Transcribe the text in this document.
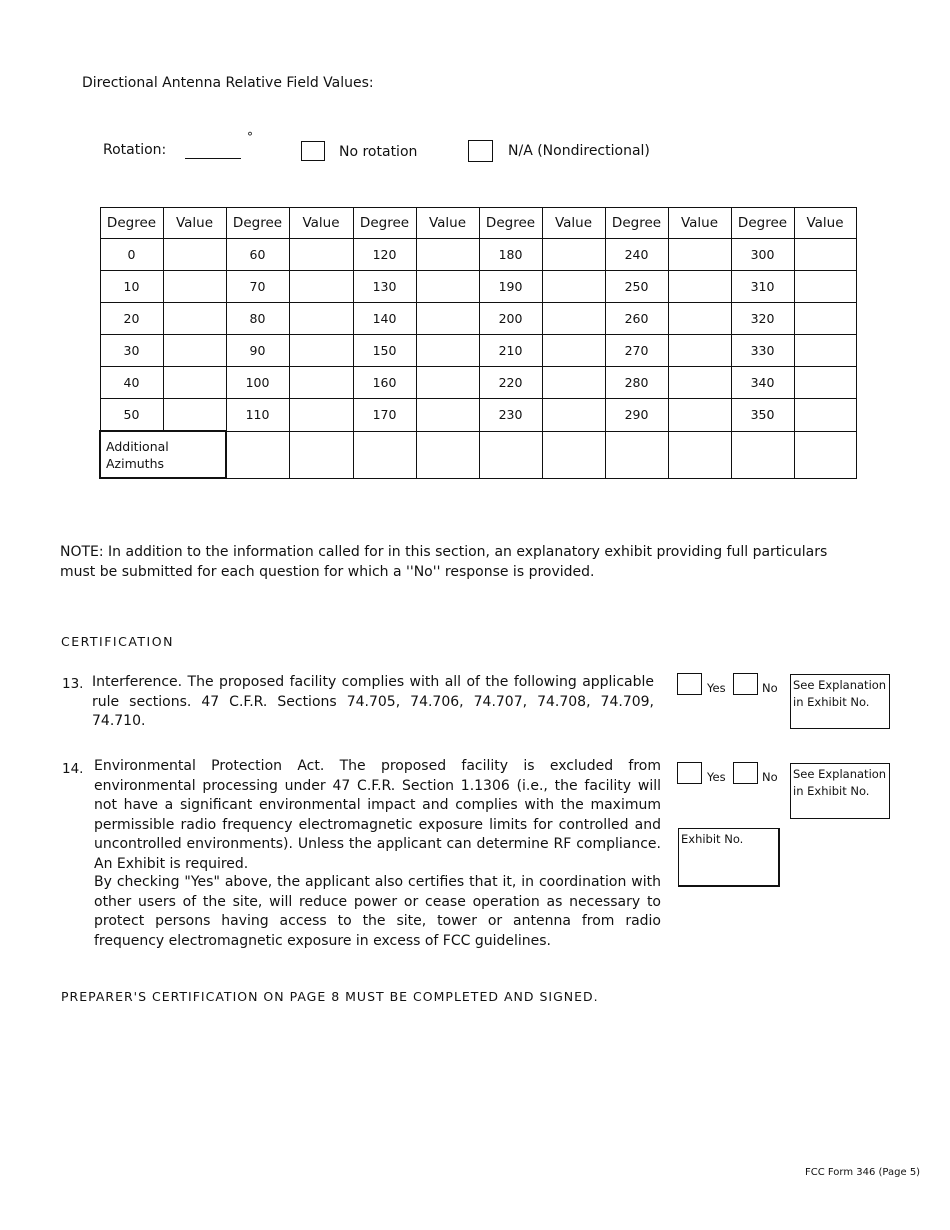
Directional Antenna Relative Field Values:
Rotation:
°
No rotation	N/A (Nondirectional)
Degree	Value	Degree	Value	Degree	Value	Degree	Value	Degree	Value	Degree	Value
0		60		120		180		240		300	
10		70		130		190		250		310	
20		80		140		200		260		320	
30		90		150		210		270		330	
40		100		160		220		280		340	
50		110		170		230		290		350	
Additional
Azimuths											
NOTE: In addition to the information called for in this section, an explanatory exhibit providing full particulars must be submitted for each question for which a ''No'' response is provided.
CERTIFICATION
13. Interference. The proposed facility complies with all of the following applicable rule sections. 47 C.F.R. Sections 74.705, 74.706, 74.707, 74.708, 74.709, 74.710.
Yes	No See Explanation
in Exhibit No.
14. Environmental Protection Act. The proposed facility is excluded from environmental processing under 47 C.F.R. Section 1.1306 (i.e., the facility will not have a significant environmental impact and complies with the maximum permissible radio frequency electromagnetic exposure limits for controlled and uncontrolled environments). Unless the applicant can determine RF compliance. An Exhibit is required.
By checking "Yes" above, the applicant also certifies that it, in coordination with other users of the site, will reduce power or cease operation as necessary to protect persons having access to the site, tower or antenna from radio frequency electromagnetic exposure in excess of FCC guidelines.
Yes	No See Explanation
in Exhibit No.
Exhibit No.
PREPARER'S CERTIFICATION ON PAGE 8 MUST BE COMPLETED AND SIGNED.
FCC Form 346 (Page 5)
